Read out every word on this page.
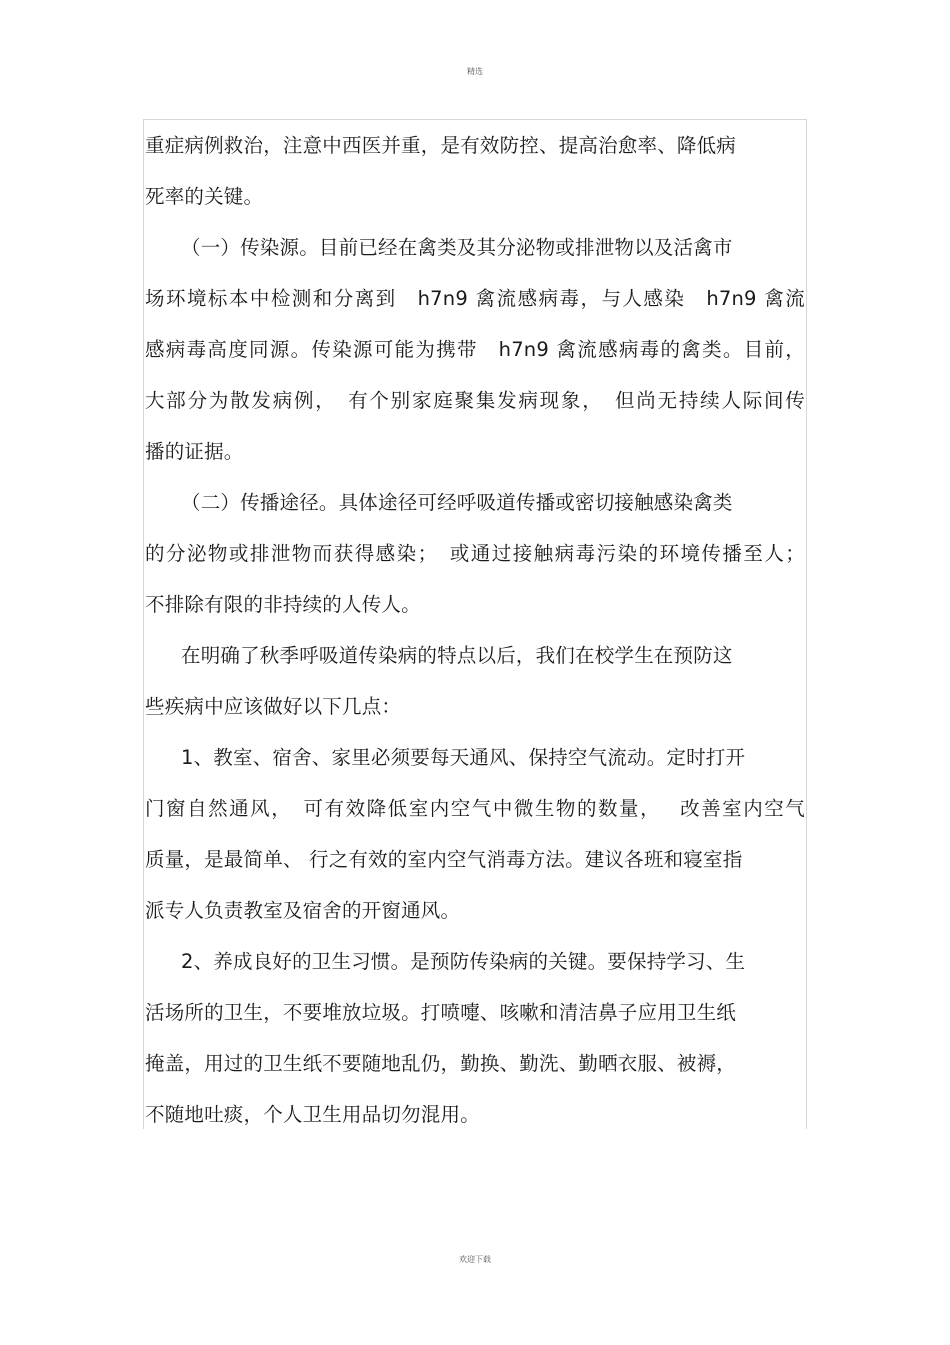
精选
重症病例救治，注意中西医并重，是有效防控、提高治愈率、降低病
死率的关键。
（一）传染源。目前已经在禽类及其分泌物或排泄物以及活禽市
场环境标本中检测和分离到　h7n9 禽流感病毒，与人感染　h7n9 禽流
感病毒高度同源。传染源可能为携带　h7n9 禽流感病毒的禽类。目前，
大部分为散发病例，　有个别家庭聚集发病现象，　但尚无持续人际间传
播的证据。
（二）传播途径。具体途径可经呼吸道传播或密切接触感染禽类
的分泌物或排泄物而获得感染；　或通过接触病毒污染的环境传播至人；
不排除有限的非持续的人传人。
在明确了秋季呼吸道传染病的特点以后，我们在校学生在预防这
些疾病中应该做好以下几点：
1、教室、宿舍、家里必须要每天通风、保持空气流动。定时打开
门窗自然通风，　可有效降低室内空气中微生物的数量，　 改善室内空气
质量，是最简单、 行之有效的室内空气消毒方法。建议各班和寝室指
派专人负责教室及宿舍的开窗通风。
2、养成良好的卫生习惯。是预防传染病的关键。要保持学习、生
活场所的卫生，不要堆放垃圾。打喷嚏、咳嗽和清洁鼻子应用卫生纸
掩盖，用过的卫生纸不要随地乱仍，勤换、勤洗、勤晒衣服、被褥，
不随地吐痰，个人卫生用品切勿混用。
欢迎下载
